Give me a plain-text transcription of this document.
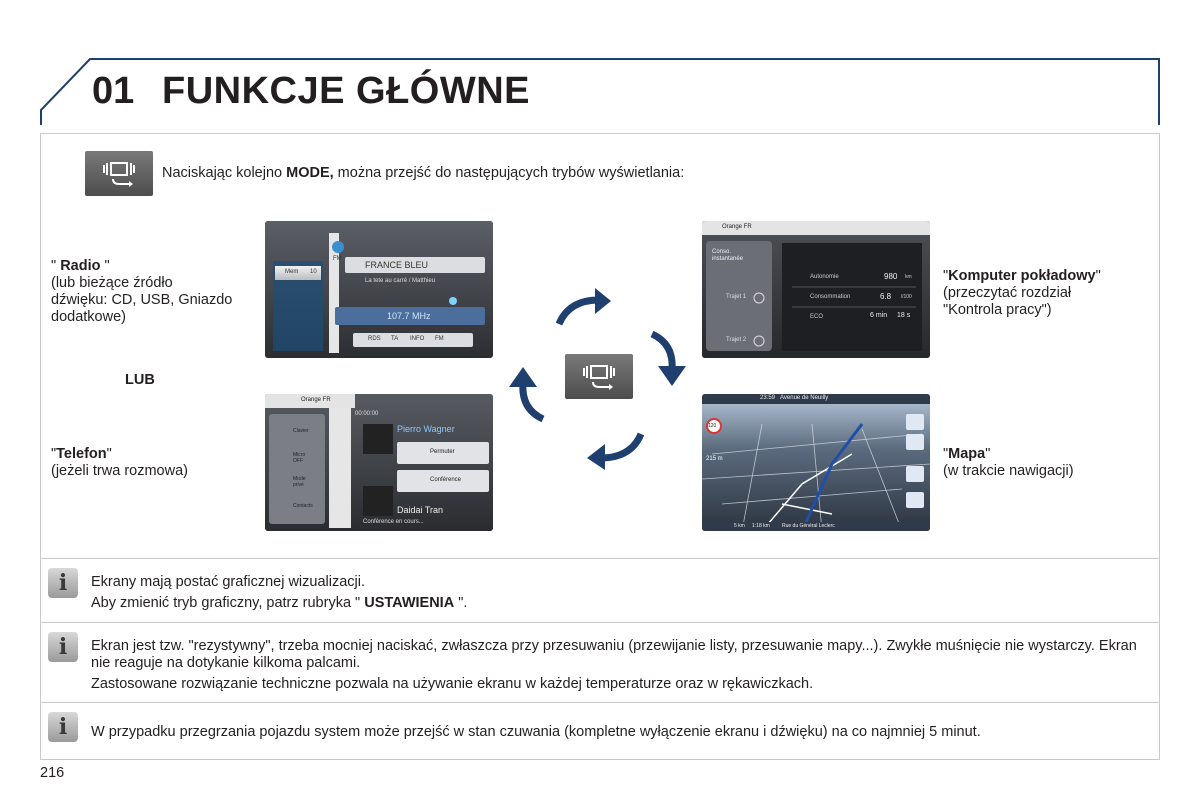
01 FUNKCJE GŁÓWNE
Naciskając kolejno MODE, można przejść do następujących trybów wyświetlania:
" Radio "
(lub bieżące źródło
dźwięku: CD, USB, Gniazdo
dodatkowe)
LUB
"Telefon"
(jeżeli trwa rozmowa)
"Komputer pokładowy"
(przeczytać rozdział
"Kontrola pracy")
"Mapa"
(w trakcie nawigacji)
FRANCE BLEU
La tete au carré / Matthieu
107.7 MHz
FM
Mem 10
RDS TA INFO FM
Orange FR
Conso. instantanée
Trajet 1
Trajet 2
Autonomie	980 km
Consommation	6.8 l/100
ECO	6 min 18 s
Orange FR
00:00:00
Pierro Wagner
Daidai Tran
Conférence en cours...
Clavier
Micro OFF
Mode privé
Contacts
Permuter
Conférence
23:59 Avenue de Neuilly
120
215 m
5 km 1:18 km Rue du Général Leclerc
i	Ekrany mają postać graficznej wizualizacji.

Aby zmienić tryb graficzny, patrz rubryka " USTAWIENIA ".

i	Ekran jest tzw. "rezystywny", trzeba mocniej naciskać, zwłaszcza przy przesuwaniu (przewijanie listy, przesuwanie mapy...). Zwykłe muśnięcie nie wystarczy. Ekran nie reaguje na dotykanie kilkoma palcami.

Zastosowane rozwiązanie techniczne pozwala na używanie ekranu w każdej temperaturze oraz w rękawiczkach.

i	W przypadku przegrzania pojazdu system może przejść w stan czuwania (kompletne wyłączenie ekranu i dźwięku) na co najmniej 5 minut.

216
